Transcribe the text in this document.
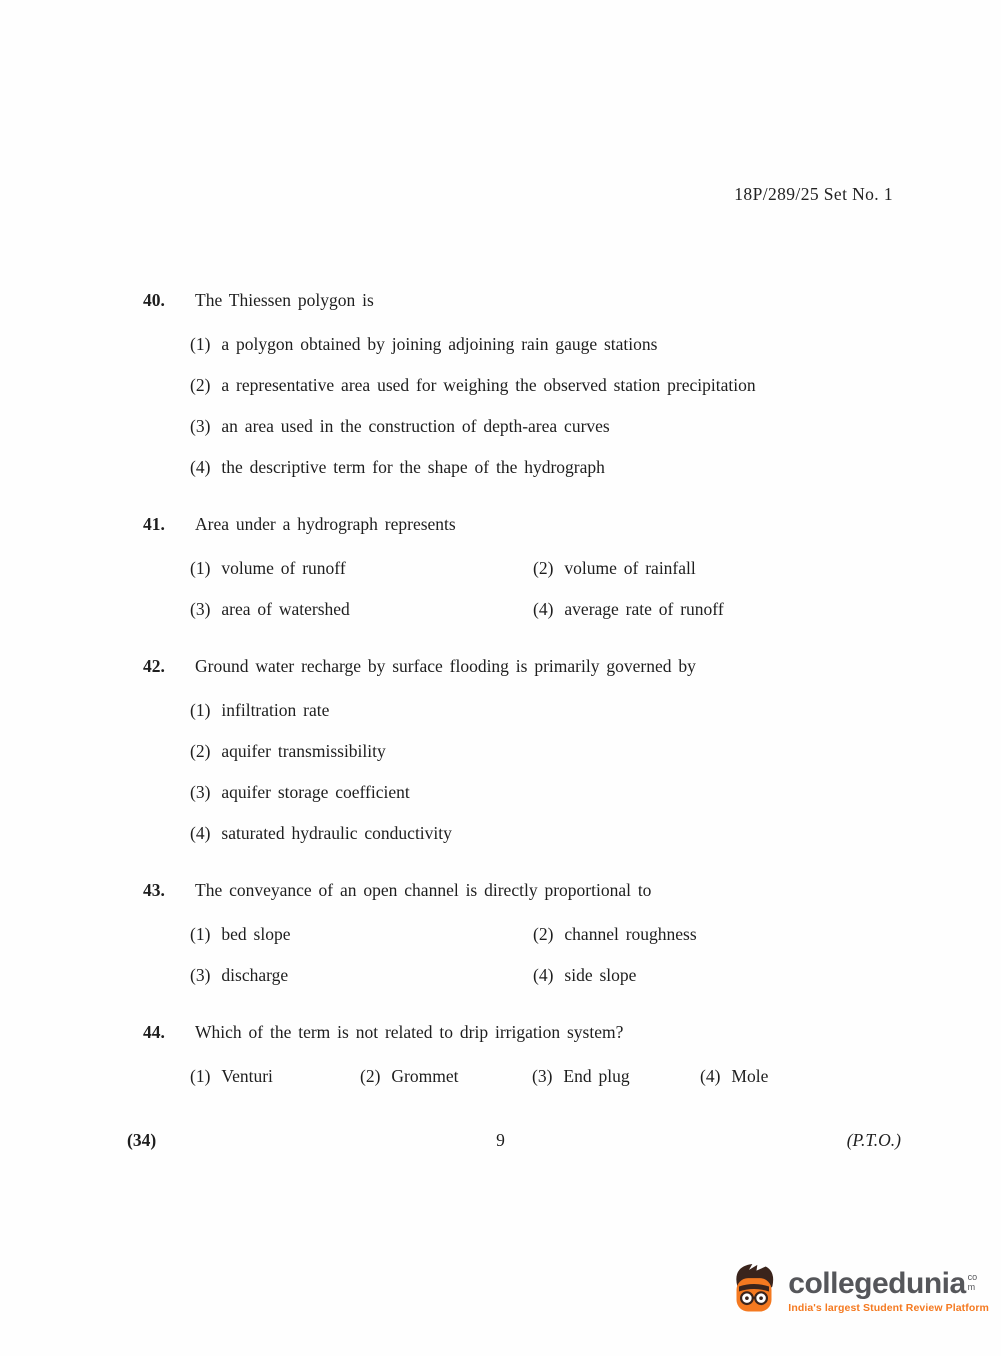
18P/289/25 Set No. 1
40.	The Thiessen polygon is
(1) a polygon obtained by joining adjoining rain gauge stations
(2) a representative area used for weighing the observed station precipitation
(3) an area used in the construction of depth-area curves
(4) the descriptive term for the shape of the hydrograph
41.	Area under a hydrograph represents
(1) volume of runoff	(2) volume of rainfall
(3) area of watershed	(4) average rate of runoff
42.	Ground water recharge by surface flooding is primarily governed by
(1) infiltration rate
(2) aquifer transmissibility
(3) aquifer storage coefficient
(4) saturated hydraulic conductivity
43.	The conveyance of an open channel is directly proportional to
(1) bed slope	(2) channel roughness
(3) discharge	(4) side slope
44.	Which of the term is not related to drip irrigation system?
(1) Venturi	(2) Grommet	(3) End plug	(4) Mole
(34)	9	(P.T.O.)
collegedunia com
India's largest Student Review Platform
